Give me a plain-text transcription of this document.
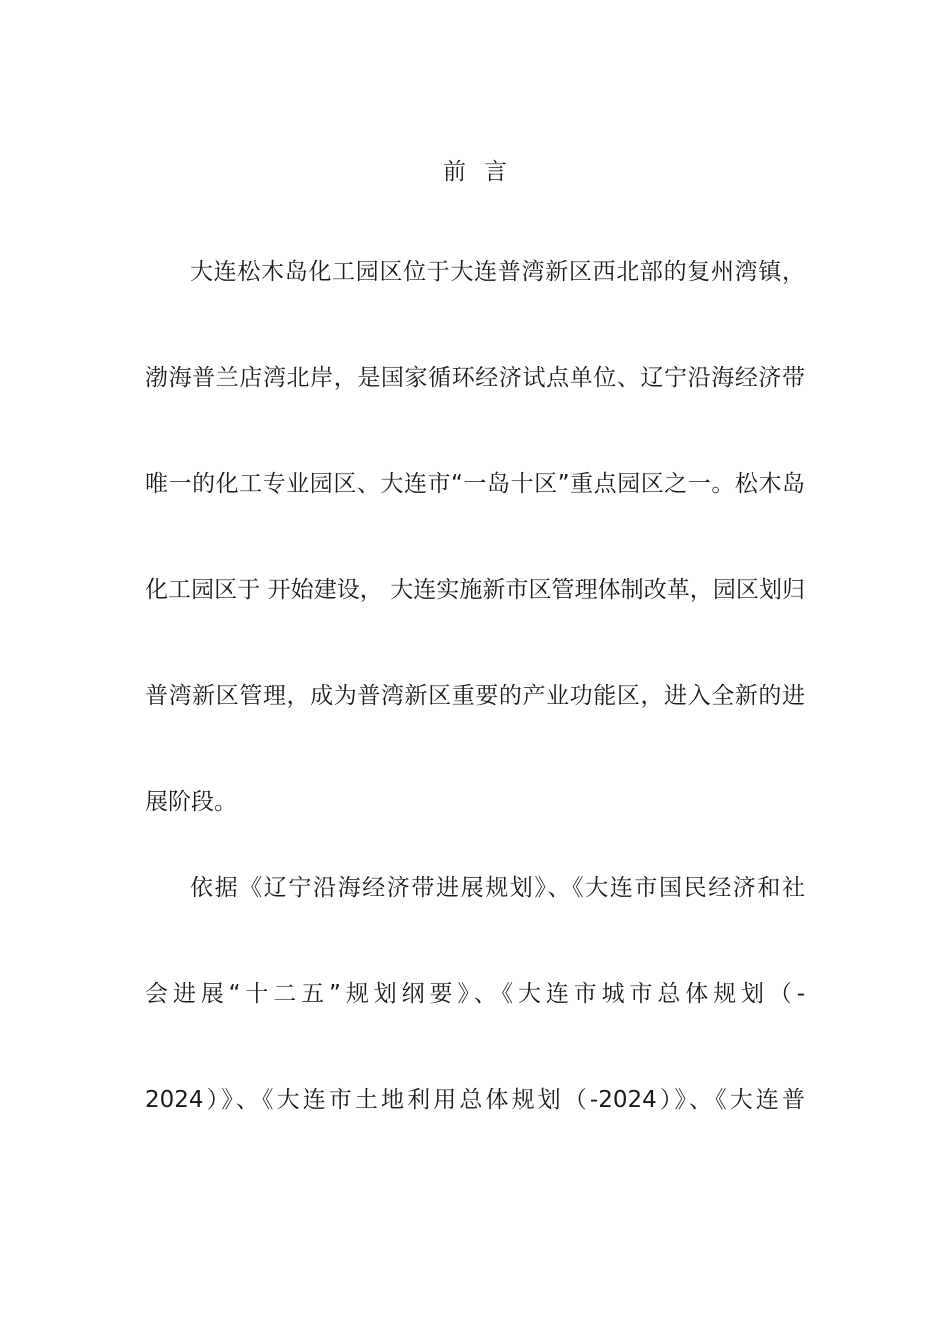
前言
大连松木岛化工园区位于大连普湾新区西北部的复州湾镇，
渤海普兰店湾北岸，是国家循环经济试点单位、辽宁沿海经济带
唯一的化工专业园区、大连市“一岛十区”重点园区之一。松木岛
化工园区于 开始建设， 大连实施新市区管理体制改革，园区划归
普湾新区管理，成为普湾新区重要的产业功能区，进入全新的进
展阶段。
依据《辽宁沿海经济带进展规划》、《大连市国民经济和社
会进展“十二五”规划纲要》、《大连市城市总体规划（-
2024）》、《大连市土地利用总体规划（-2024）》、《大连普
